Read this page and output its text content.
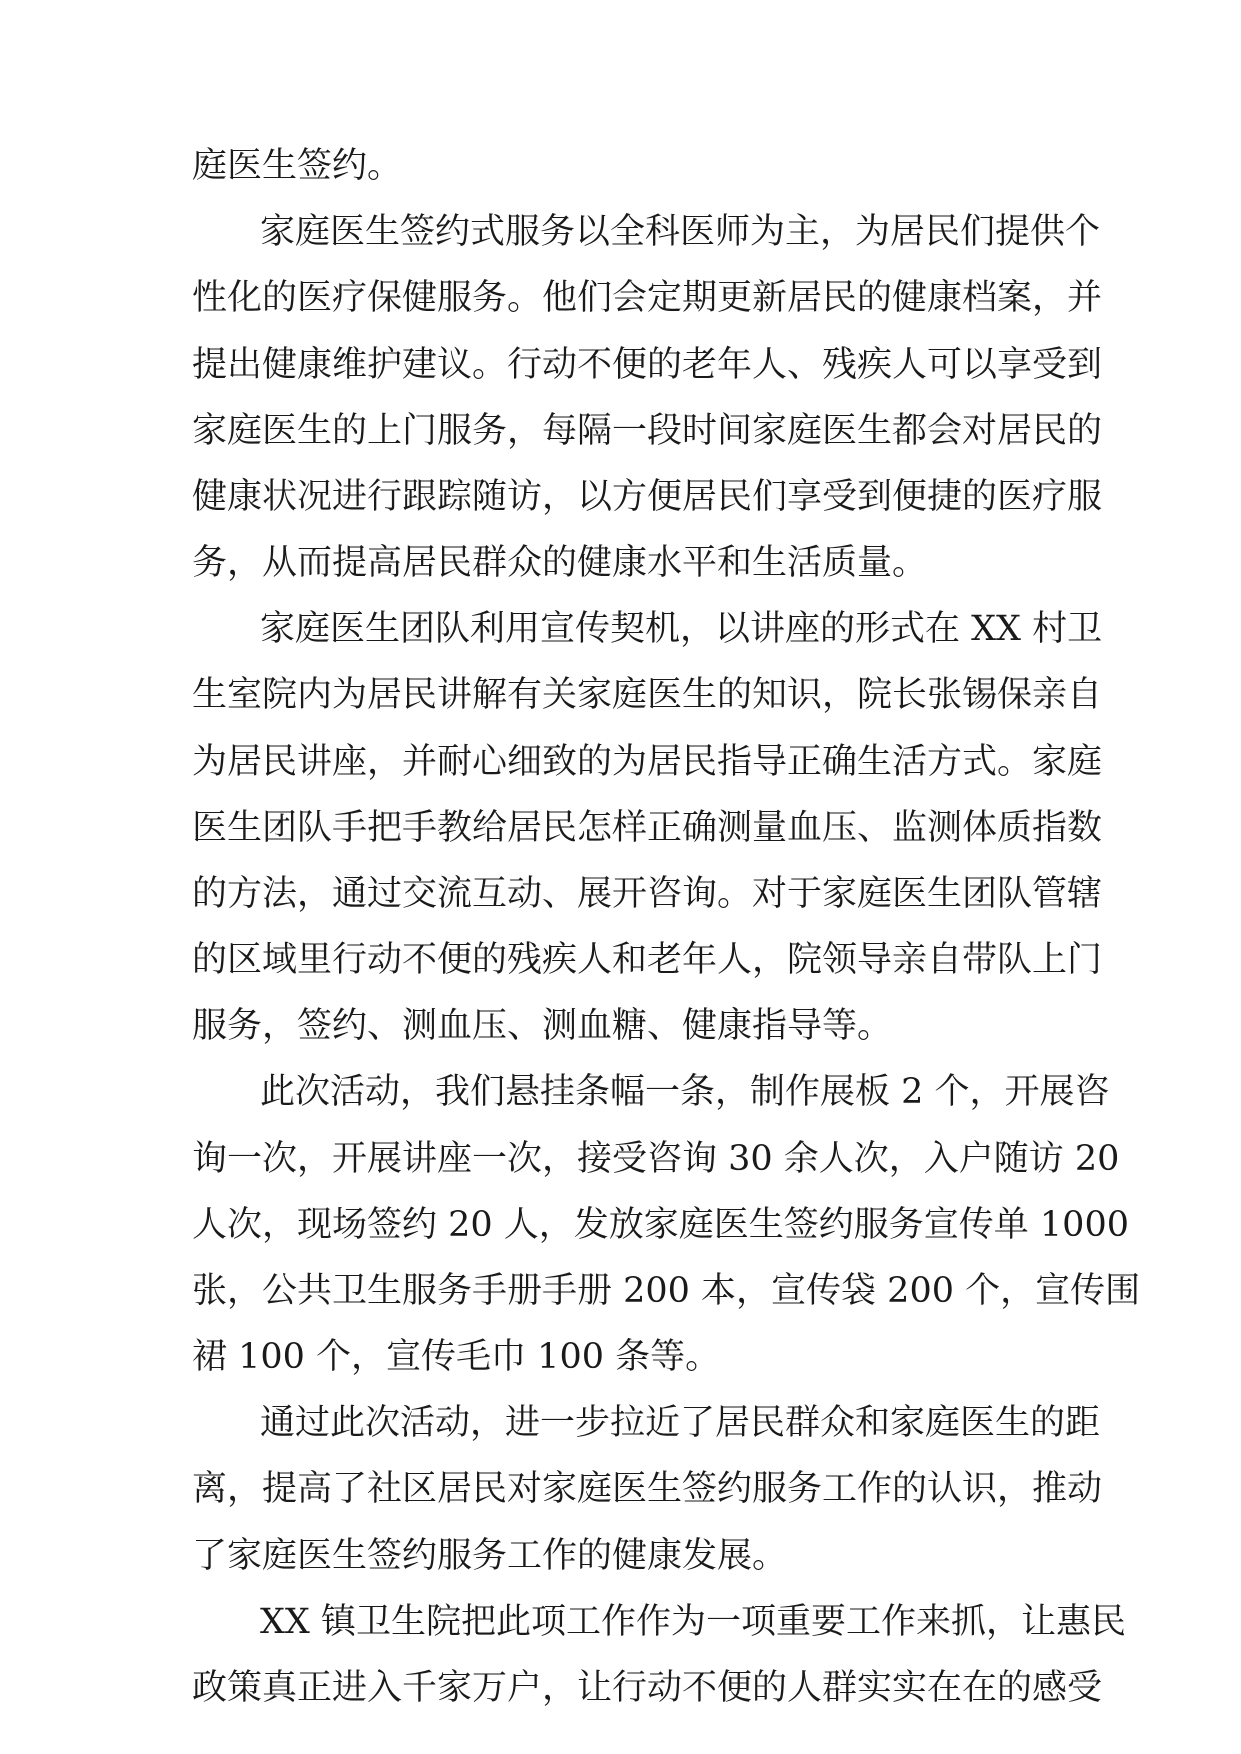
庭医生签约。
家庭医生签约式服务以全科医师为主，为居民们提供个
性化的医疗保健服务。他们会定期更新居民的健康档案，并
提出健康维护建议。行动不便的老年人、残疾人可以享受到
家庭医生的上门服务，每隔一段时间家庭医生都会对居民的
健康状况进行跟踪随访，以方便居民们享受到便捷的医疗服
务，从而提高居民群众的健康水平和生活质量。
家庭医生团队利用宣传契机，以讲座的形式在 XX 村卫
生室院内为居民讲解有关家庭医生的知识，院长张锡保亲自
为居民讲座，并耐心细致的为居民指导正确生活方式。家庭
医生团队手把手教给居民怎样正确测量血压、监测体质指数
的方法，通过交流互动、展开咨询。对于家庭医生团队管辖
的区域里行动不便的残疾人和老年人，院领导亲自带队上门
服务，签约、测血压、测血糖、健康指导等。
此次活动，我们悬挂条幅一条，制作展板 2 个，开展咨
询一次，开展讲座一次，接受咨询 30 余人次，入户随访 20
人次，现场签约 20 人，发放家庭医生签约服务宣传单 1000
张，公共卫生服务手册手册 200 本，宣传袋 200 个，宣传围
裙 100 个，宣传毛巾 100 条等。
通过此次活动，进一步拉近了居民群众和家庭医生的距
离，提高了社区居民对家庭医生签约服务工作的认识，推动
了家庭医生签约服务工作的健康发展。
XX 镇卫生院把此项工作作为一项重要工作来抓，让惠民
政策真正进入千家万户，让行动不便的人群实实在在的感受
